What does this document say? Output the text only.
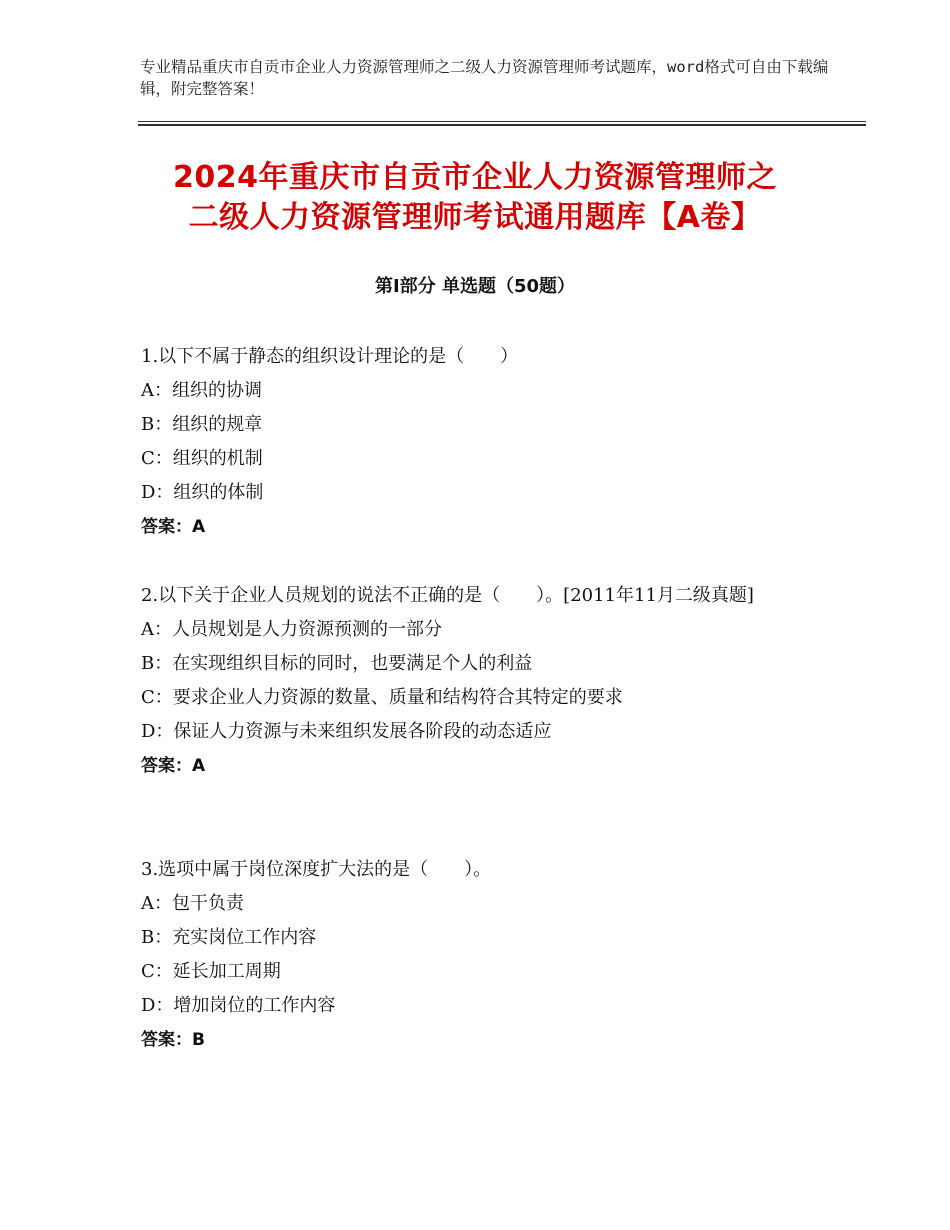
专业精品重庆市自贡市企业人力资源管理师之二级人力资源管理师考试题库，word格式可自由下载编辑，附完整答案！
2024年重庆市自贡市企业人力资源管理师之
二级人力资源管理师考试通用题库【A卷】
第Ⅰ部分 单选题（50题）
1.以下不属于静态的组织设计理论的是（　　）
A：组织的协调
B：组织的规章
C：组织的机制
D：组织的体制
答案：A
2.以下关于企业人员规划的说法不正确的是（　　）。[2011年11月二级真题]
A：人员规划是人力资源预测的一部分
B：在实现组织目标的同时，也要满足个人的利益
C：要求企业人力资源的数量、质量和结构符合其特定的要求
D：保证人力资源与未来组织发展各阶段的动态适应
答案：A
3.选项中属于岗位深度扩大法的是（　　）。
A：包干负责
B：充实岗位工作内容
C：延长加工周期
D：增加岗位的工作内容
答案：B
